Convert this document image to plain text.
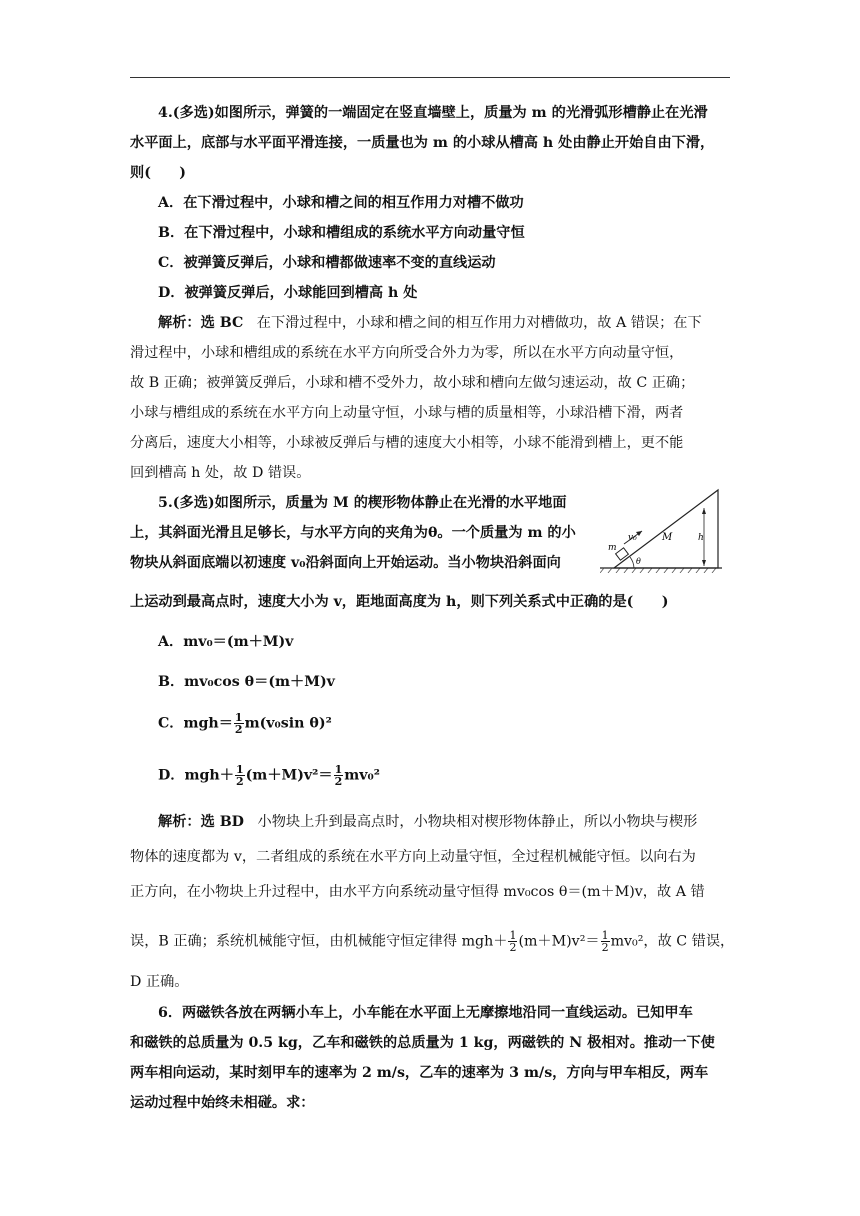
4.(多选)如图所示，弹簧的一端固定在竖直墙壁上，质量为 m 的光滑弧形槽静止在光滑
水平面上，底部与水平面平滑连接，一质量也为 m 的小球从槽高 h 处由静止开始自由下滑，
则(　　)
A．在下滑过程中，小球和槽之间的相互作用力对槽不做功
B．在下滑过程中，小球和槽组成的系统水平方向动量守恒
C．被弹簧反弹后，小球和槽都做速率不变的直线运动
D．被弹簧反弹后，小球能回到槽高 h 处
解析：选 BC 在下滑过程中，小球和槽之间的相互作用力对槽做功，故 A 错误；在下
滑过程中，小球和槽组成的系统在水平方向所受合外力为零，所以在水平方向动量守恒，
故 B 正确；被弹簧反弹后，小球和槽不受外力，故小球和槽向左做匀速运动，故 C 正确；
小球与槽组成的系统在水平方向上动量守恒，小球与槽的质量相等，小球沿槽下滑，两者
分离后，速度大小相等，小球被反弹后与槽的速度大小相等，小球不能滑到槽上，更不能
回到槽高 h 处，故 D 错误。
5.(多选)如图所示，质量为 M 的楔形物体静止在光滑的水平地面
上，其斜面光滑且足够长，与水平方向的夹角为θ。一个质量为 m 的小
物块从斜面底端以初速度 v₀沿斜面向上开始运动。当小物块沿斜面向
m
v₀	M	h
θ
上运动到最高点时，速度大小为 v，距地面高度为 h，则下列关系式中正确的是(　　)
A．mv₀＝(m＋M)v
B．mv₀cos θ＝(m＋M)v
C．$mgh= \frac{1}{2} m(v_0\sin$ θ)²
D．$mgh+ \frac{1}{2} (m+M)v^2= \frac{1}{2} mv_0^2$
解析：选 BD 小物块上升到最高点时，小物块相对楔形物体静止，所以小物块与楔形
物体的速度都为 v，二者组成的系统在水平方向上动量守恒，全过程机械能守恒。以向右为
正方向，在小物块上升过程中，由水平方向系统动量守恒得 mv₀cos θ＝(m＋M)v，故 A 错
误，B 正确；系统机械能守恒，由机械能守恒定律得 $mgh+ \frac{1}{2} (m+M)v^2= \frac{1}{2} mv_0^2$，故 C 错误，
D 正确。
6．两磁铁各放在两辆小车上，小车能在水平面上无摩擦地沿同一直线运动。已知甲车
和磁铁的总质量为 0.5 kg，乙车和磁铁的总质量为 1 kg，两磁铁的 N 极相对。推动一下使
两车相向运动，某时刻甲车的速率为 2 m/s，乙车的速率为 3 m/s，方向与甲车相反，两车
运动过程中始终未相碰。求：
